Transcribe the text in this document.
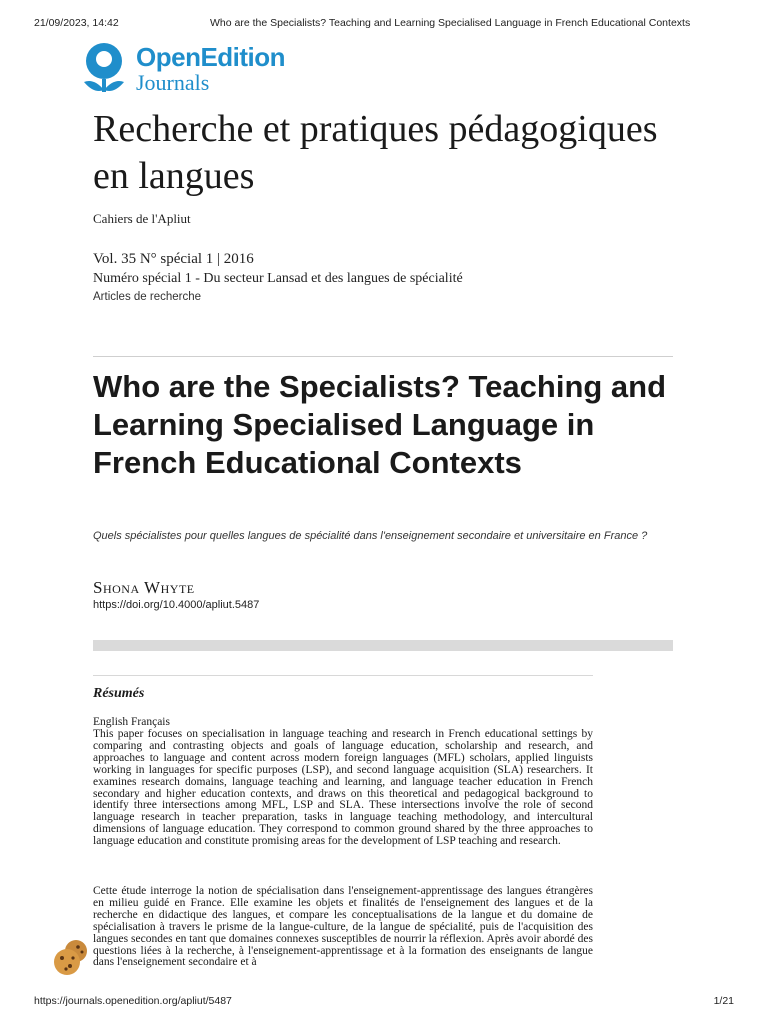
21/09/2023, 14:42	Who are the Specialists? Teaching and Learning Specialised Language in French Educational Contexts
OpenEdition
Journals
Recherche et pratiques pédagogiques en langues
Cahiers de l'Apliut
Vol. 35 N° spécial 1 | 2016
Numéro spécial 1 - Du secteur Lansad et des langues de spécialité
Articles de recherche
Who are the Specialists? Teaching and Learning Specialised Language in French Educational Contexts
Quels spécialistes pour quelles langues de spécialité dans l'enseignement secondaire et universitaire en France ?
Shona Whyte
https://doi.org/10.4000/apliut.5487
Résumés
English Français

This paper focuses on specialisation in language teaching and research in French educational settings by comparing and contrasting objects and goals of language education, scholarship and research, and approaches to language and content across modern foreign languages (MFL) scholars, applied linguists working in languages for specific purposes (LSP), and second language acquisition (SLA) researchers. It examines research domains, language teaching and learning, and language teacher education in French secondary and higher education contexts, and draws on this theoretical and pedagogical background to identify three intersections among MFL, LSP and SLA. These intersections involve the role of second language research in teacher preparation, tasks in language teaching methodology, and intercultural dimensions of language education. They correspond to common ground shared by the three approaches to language education and constitute promising areas for the development of LSP teaching and research.

Cette étude interroge la notion de spécialisation dans l'enseignement-apprentissage des langues étrangères en milieu guidé en France. Elle examine les objets et finalités de l'enseignement des langues et de la recherche en didactique des langues, et compare les conceptualisations de la langue et du domaine de spécialisation à travers le prisme de la langue-culture, de la langue de spécialité, puis de l'acquisition des langues secondes en tant que domaines connexes susceptibles de nourrir la réflexion. Après avoir abordé des questions liées à la recherche, à l'enseignement-apprentissage et à la formation des enseignants de langue dans l'enseignement secondaire et à

https://journals.openedition.org/apliut/5487	1/21
